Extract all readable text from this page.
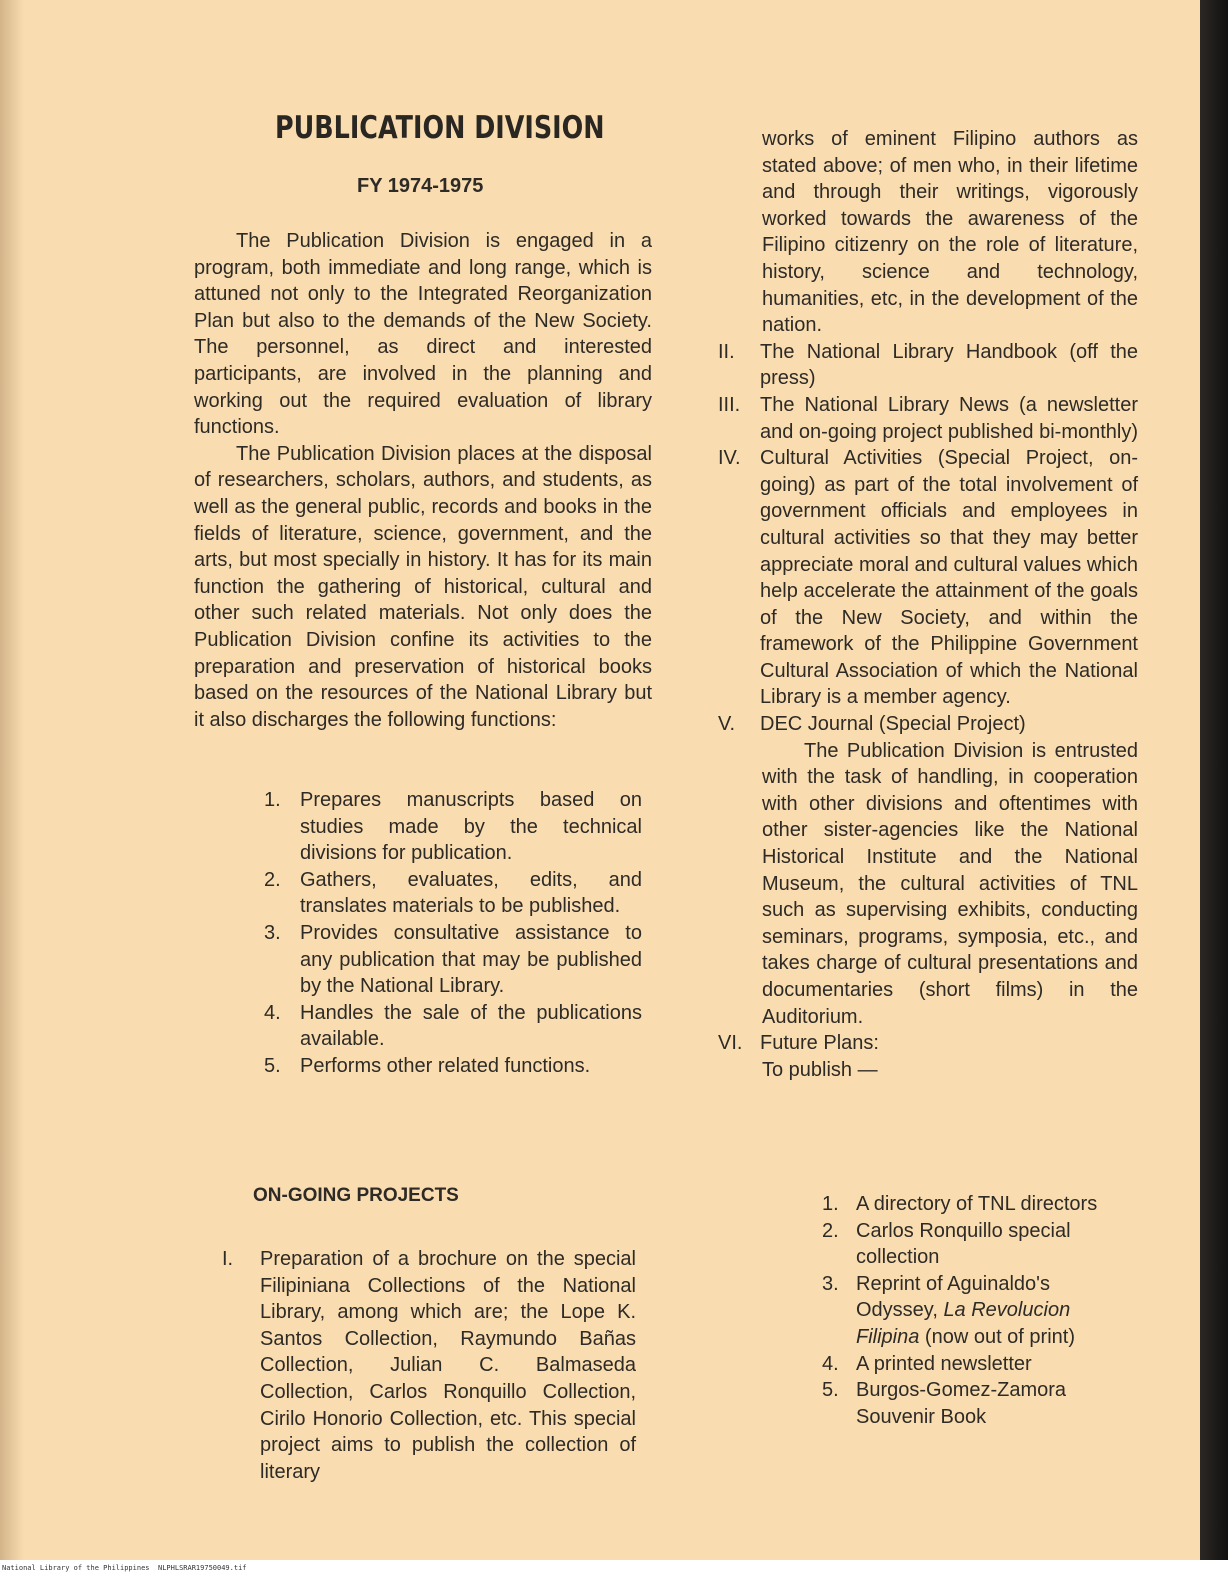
PUBLICATION DIVISION
FY 1974-1975

The Publication Division is engaged in a program, both immediate and long range, which is attuned not only to the Integrated Reorganization Plan but also to the demands of the New Society. The personnel, as direct and interested participants, are involved in the planning and working out the required evaluation of library functions.

The Publication Division places at the disposal of researchers, scholars, authors, and students, as well as the general public, records and books in the fields of literature, science, government, and the arts, but most specially in history. It has for its main function the gathering of historical, cultural and other such related materials. Not only does the Publication Division confine its activities to the preparation and preservation of historical books based on the resources of the National Library but it also discharges the following functions:

1. Prepares manuscripts based on studies made by the technical divisions for publication.
2. Gathers, evaluates, edits, and translates materials to be published.
3. Provides consultative assistance to any publication that may be published by the National Library.
4. Handles the sale of the publications available.
5. Performs other related functions.
ON-GOING PROJECTS
I. Preparation of a brochure on the special Filipiniana Collections of the National Library, among which are; the Lope K. Santos Collection, Raymundo Bañas Collection, Julian C. Balmaseda Collection, Carlos Ronquillo Collection, Cirilo Honorio Collection, etc. This special project aims to publish the collection of literary

works of eminent Filipino authors as stated above; of men who, in their lifetime and through their writings, vigorously worked towards the awareness of the Filipino citizenry on the role of literature, history, science and technology, humanities, etc, in the development of the nation.

II. The National Library Handbook (off the press)
III. The National Library News (a newsletter and on-going project published bi-monthly)
IV. Cultural Activities (Special Project, on-going) as part of the total involvement of government officials and employees in cultural activities so that they may better appreciate moral and cultural values which help accelerate the attainment of the goals of the New Society, and within the framework of the Philippine Government Cultural Association of which the National Library is a member agency.
V. DEC Journal (Special Project)

The Publication Division is entrusted with the task of handling, in cooperation with other divisions and oftentimes with other sister-agencies like the National Historical Institute and the National Museum, the cultural activities of TNL such as supervising exhibits, conducting seminars, programs, symposia, etc., and takes charge of cultural presentations and documentaries (short films) in the Auditorium.

VI. Future Plans:

To publish —

1. A directory of TNL directors
2. Carlos Ronquillo special collection
3. Reprint of Aguinaldo's Odyssey, La Revolucion Filipina (now out of print)
4. A printed newsletter
5. Burgos-Gomez-Zamora Souvenir Book
National Library of the Philippines NLPHLSRAR19750049.tif
